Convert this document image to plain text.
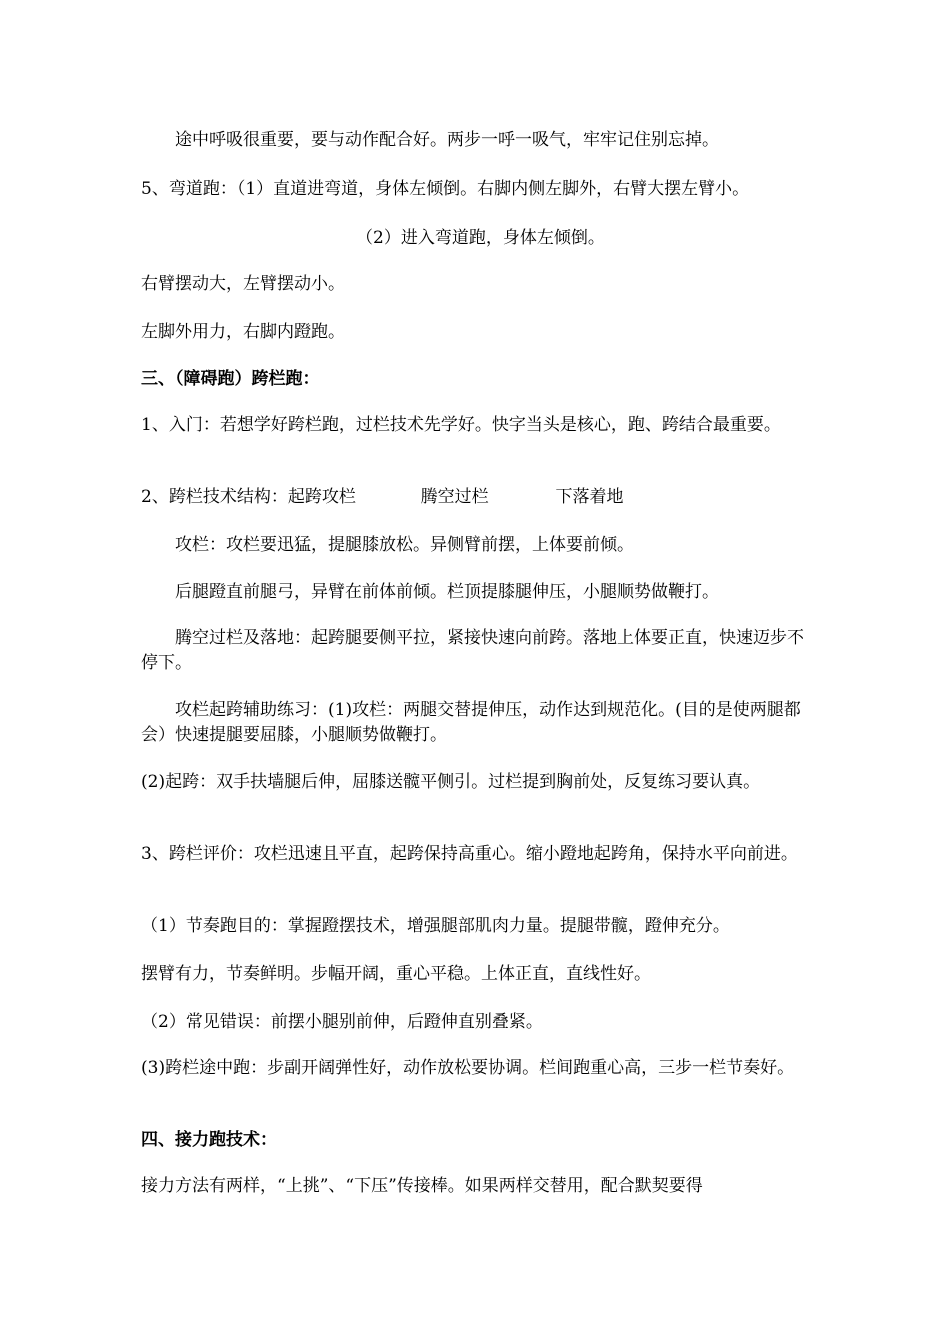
途中呼吸很重要，要与动作配合好。两步一呼一吸气，牢牢记住别忘掉。
5、弯道跑：（1）直道进弯道，身体左倾倒。右脚内侧左脚外，右臂大摆左臂小。
（2）进入弯道跑，身体左倾倒。
右臂摆动大，左臂摆动小。
左脚外用力，右脚内蹬跑。
三、（障碍跑）跨栏跑：
1、入门：若想学好跨栏跑，过栏技术先学好。快字当头是核心，跑、跨结合最重要。
2、跨栏技术结构：起跨攻栏	腾空过栏	下落着地
攻栏：攻栏要迅猛，提腿膝放松。异侧臂前摆，上体要前倾。
后腿蹬直前腿弓，异臂在前体前倾。栏顶提膝腿伸压，小腿顺势做鞭打。
腾空过栏及落地：起跨腿要侧平拉，紧接快速向前跨。落地上体要正直，快速迈步不停下。
攻栏起跨辅助练习：(1)攻栏：两腿交替提伸压，动作达到规范化。(目的是使两腿都会）快速提腿要屈膝，小腿顺势做鞭打。
(2)起跨：双手扶墙腿后伸，屈膝送髋平侧引。过栏提到胸前处，反复练习要认真。
3、跨栏评价：攻栏迅速且平直，起跨保持高重心。缩小蹬地起跨角，保持水平向前进。
（1）节奏跑目的：掌握蹬摆技术，增强腿部肌肉力量。提腿带髋，蹬伸充分。
摆臂有力，节奏鲜明。步幅开阔，重心平稳。上体正直，直线性好。
（2）常见错误：前摆小腿别前伸，后蹬伸直别叠紧。
(3)跨栏途中跑：步副开阔弹性好，动作放松要协调。栏间跑重心高，三步一栏节奏好。
四、接力跑技术：
接力方法有两样，“上挑”、“下压”传接棒。如果两样交替用，配合默契要得
